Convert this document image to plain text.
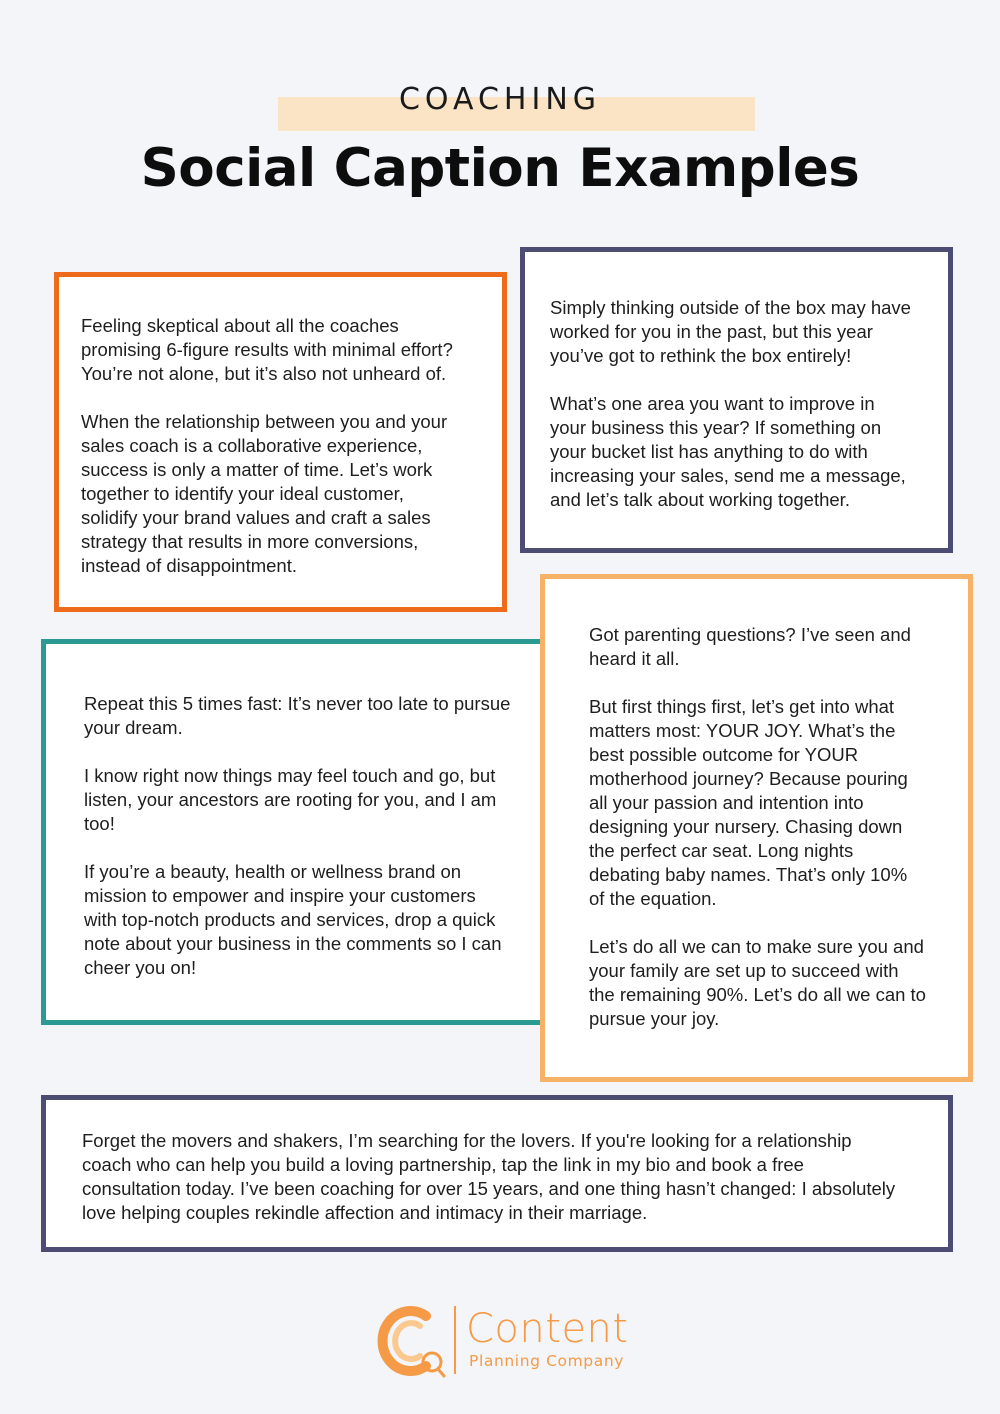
COACHING
Social Caption Examples
Feeling skeptical about all the coaches
promising 6-figure results with minimal effort?
You’re not alone, but it’s also not unheard of.

When the relationship between you and your
sales coach is a collaborative experience,
success is only a matter of time. Let’s work
together to identify your ideal customer,
solidify your brand values and craft a sales
strategy that results in more conversions,
instead of disappointment.
Simply thinking outside of the box may have
worked for you in the past, but this year
you’ve got to rethink the box entirely!

What’s one area you want to improve in
your business this year? If something on
your bucket list has anything to do with
increasing your sales, send me a message,
and let’s talk about working together.
Repeat this 5 times fast: It’s never too late to pursue
your dream.

I know right now things may feel touch and go, but
listen, your ancestors are rooting for you, and I am
too!

If you’re a beauty, health or wellness brand on
mission to empower and inspire your customers
with top-notch products and services, drop a quick
note about your business in the comments so I can
cheer you on!
Got parenting questions? I’ve seen and
heard it all.

But first things first, let’s get into what
matters most: YOUR JOY. What’s the
best possible outcome for YOUR
motherhood journey? Because pouring
all your passion and intention into
designing your nursery. Chasing down
the perfect car seat. Long nights
debating baby names. That’s only 10%
of the equation.

Let’s do all we can to make sure you and
your family are set up to succeed with
the remaining 90%. Let’s do all we can to
pursue your joy.
Forget the movers and shakers, I’m searching for the lovers. If you're looking for a relationship
coach who can help you build a loving partnership, tap the link in my bio and book a free
consultation today. I’ve been coaching for over 15 years, and one thing hasn’t changed: I absolutely
love helping couples rekindle affection and intimacy in their marriage.
Content
Planning Company
